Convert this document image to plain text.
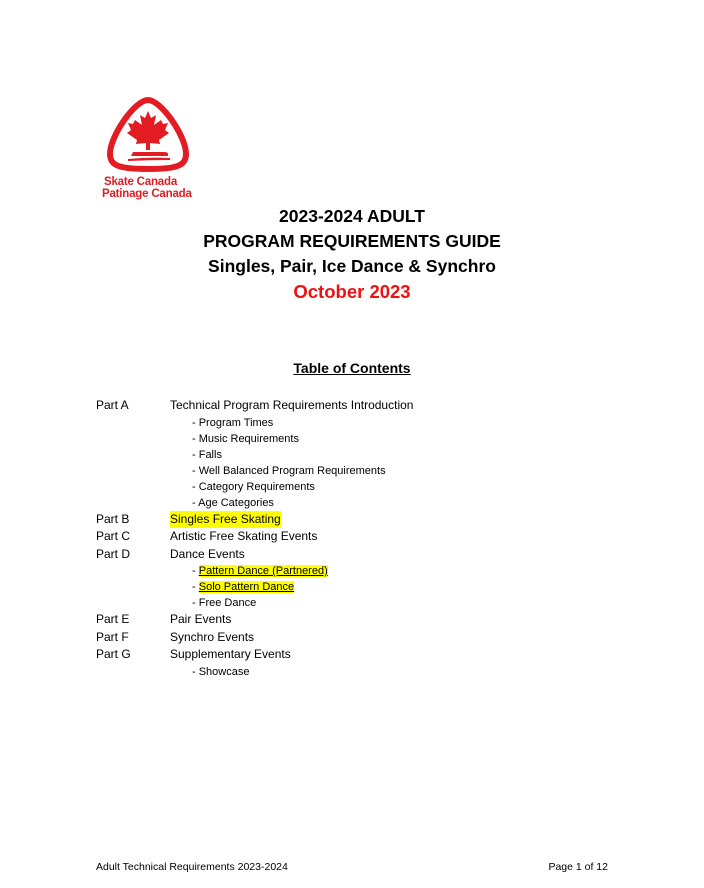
Skate Canada
Patinage Canada
2023-2024 ADULT
PROGRAM REQUIREMENTS GUIDE
Singles, Pair, Ice Dance & Synchro
October 2023
Table of Contents
Part A	Technical Program Requirements Introduction
- Program Times
- Music Requirements
- Falls
- Well Balanced Program Requirements
- Category Requirements
- Age Categories
Part B	Singles Free Skating
Part C	Artistic Free Skating Events
Part D	Dance Events
- Pattern Dance (Partnered)
- Solo Pattern Dance
- Free Dance
Part E	Pair Events
Part F	Synchro Events
Part G	Supplementary Events
- Showcase
Adult Technical Requirements 2023-2024	Page 1 of 12
